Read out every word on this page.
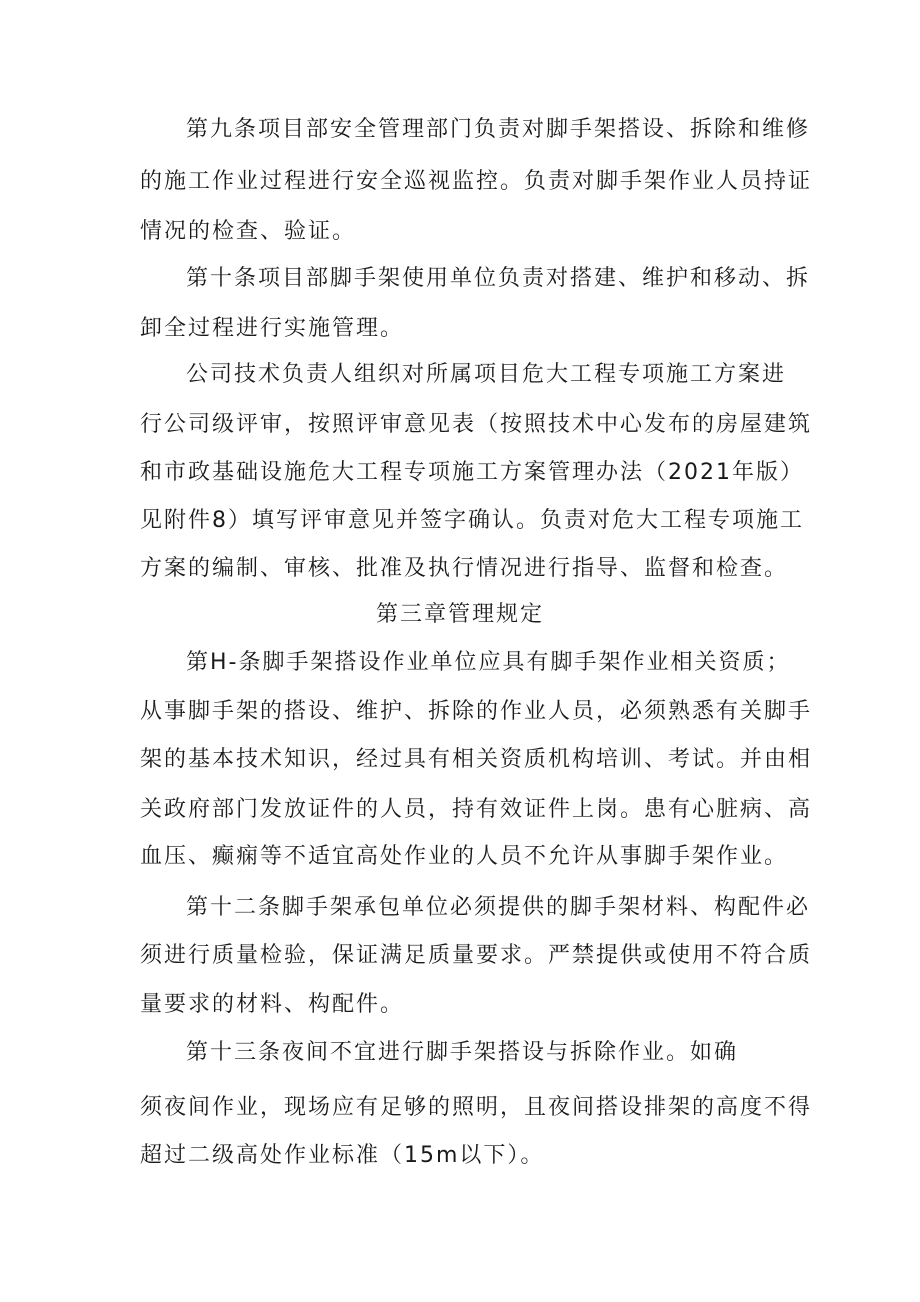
第九条项目部安全管理部门负责对脚手架搭设、拆除和维修
的施工作业过程进行安全巡视监控。负责对脚手架作业人员持证
情况的检查、验证。
第十条项目部脚手架使用单位负责对搭建、维护和移动、拆
卸全过程进行实施管理。
公司技术负责人组织对所属项目危大工程专项施工方案进
行公司级评审，按照评审意见表（按照技术中心发布的房屋建筑
和市政基础设施危大工程专项施工方案管理办法（2021年版）
见附件8）填写评审意见并签字确认。负责对危大工程专项施工
方案的编制、审核、批准及执行情况进行指导、监督和检查。
第三章管理规定
第H-条脚手架搭设作业单位应具有脚手架作业相关资质；
从事脚手架的搭设、维护、拆除的作业人员，必须熟悉有关脚手
架的基本技术知识，经过具有相关资质机构培训、考试。并由相
关政府部门发放证件的人员，持有效证件上岗。患有心脏病、高
血压、癫痫等不适宜高处作业的人员不允许从事脚手架作业。
第十二条脚手架承包单位必须提供的脚手架材料、构配件必
须进行质量检验，保证满足质量要求。严禁提供或使用不符合质
量要求的材料、构配件。
第十三条夜间不宜进行脚手架搭设与拆除作业。如确
须夜间作业，现场应有足够的照明，且夜间搭设排架的高度不得
超过二级高处作业标准（15m以下）。
